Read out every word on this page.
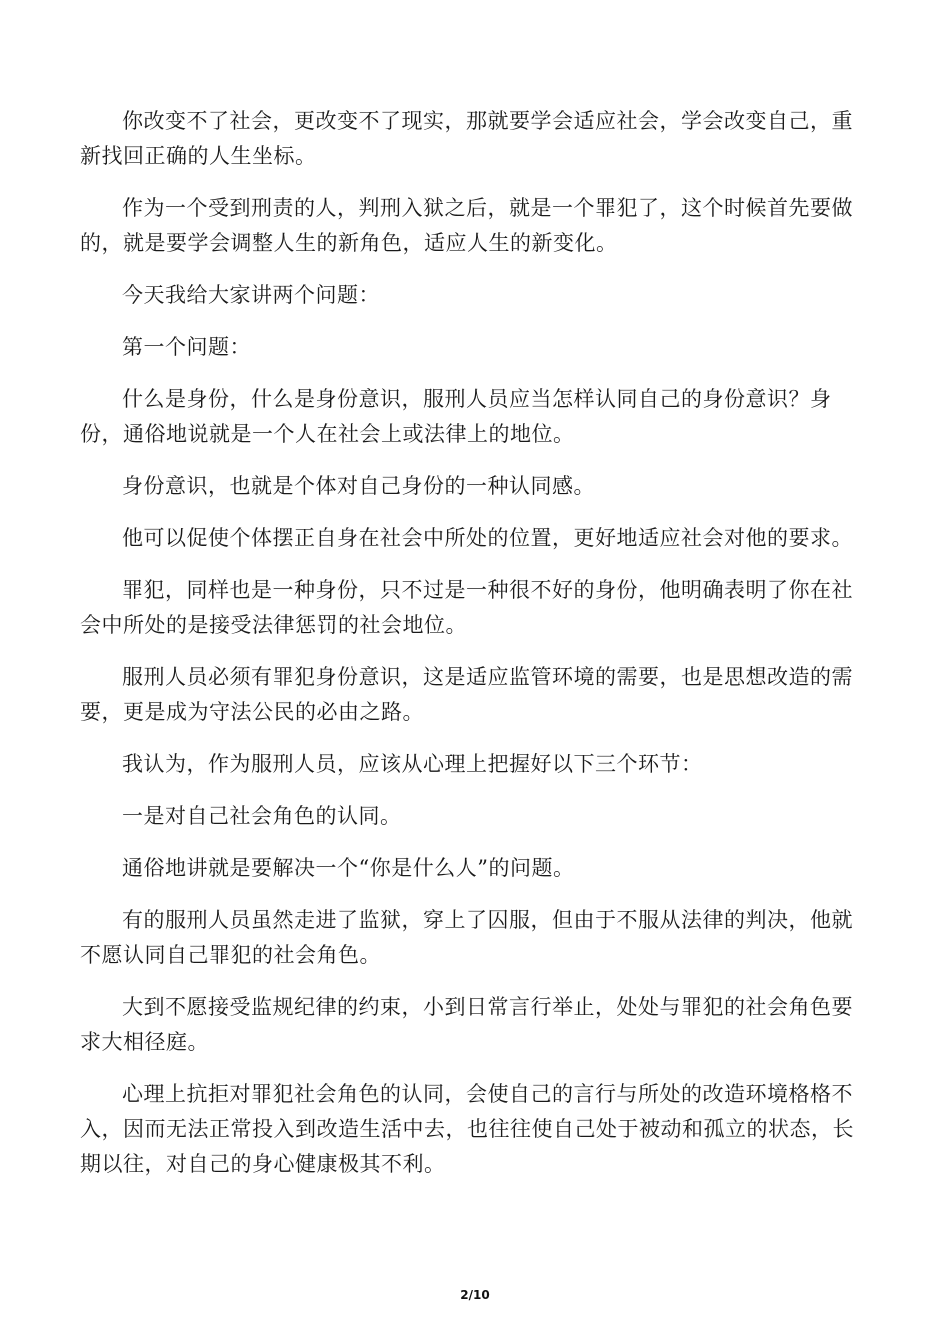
你改变不了社会，更改变不了现实，那就要学会适应社会，学会改变自己，重新找回正确的人生坐标。

作为一个受到刑责的人，判刑入狱之后，就是一个罪犯了，这个时候首先要做的，就是要学会调整人生的新角色，适应人生的新变化。

今天我给大家讲两个问题：

第一个问题：

什么是身份，什么是身份意识，服刑人员应当怎样认同自己的身份意识？身份，通俗地说就是一个人在社会上或法律上的地位。

身份意识，也就是个体对自己身份的一种认同感。

他可以促使个体摆正自身在社会中所处的位置，更好地适应社会对他的要求。

罪犯，同样也是一种身份，只不过是一种很不好的身份，他明确表明了你在社会中所处的是接受法律惩罚的社会地位。

服刑人员必须有罪犯身份意识，这是适应监管环境的需要，也是思想改造的需要，更是成为守法公民的必由之路。

我认为，作为服刑人员，应该从心理上把握好以下三个环节：

一是对自己社会角色的认同。

通俗地讲就是要解决一个“你是什么人”的问题。

有的服刑人员虽然走进了监狱，穿上了囚服，但由于不服从法律的判决，他就不愿认同自己罪犯的社会角色。

大到不愿接受监规纪律的约束，小到日常言行举止，处处与罪犯的社会角色要求大相径庭。

心理上抗拒对罪犯社会角色的认同，会使自己的言行与所处的改造环境格格不入，因而无法正常投入到改造生活中去，也往往使自己处于被动和孤立的状态，长期以往，对自己的身心健康极其不利。

2/10
